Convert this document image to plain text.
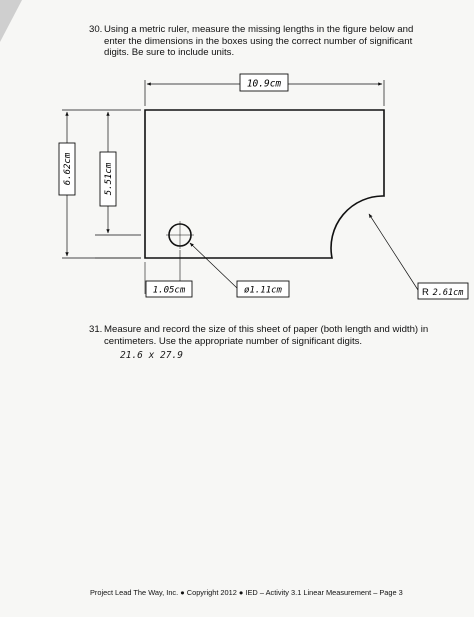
30. Using a metric ruler, measure the missing lengths in the figure below and enter the dimensions in the boxes using the correct number of significant digits. Be sure to include units.
10.9cm
6.62cm	5.51cm
1.05cm	ø1.11cm	R 2.61cm
31. Measure and record the size of this sheet of paper (both length and width) in centimeters. Use the appropriate number of significant digits.
21.6 x 27.9
Project Lead The Way, Inc. ● Copyright 2012 ● IED – Activity 3.1 Linear Measurement – Page 3
